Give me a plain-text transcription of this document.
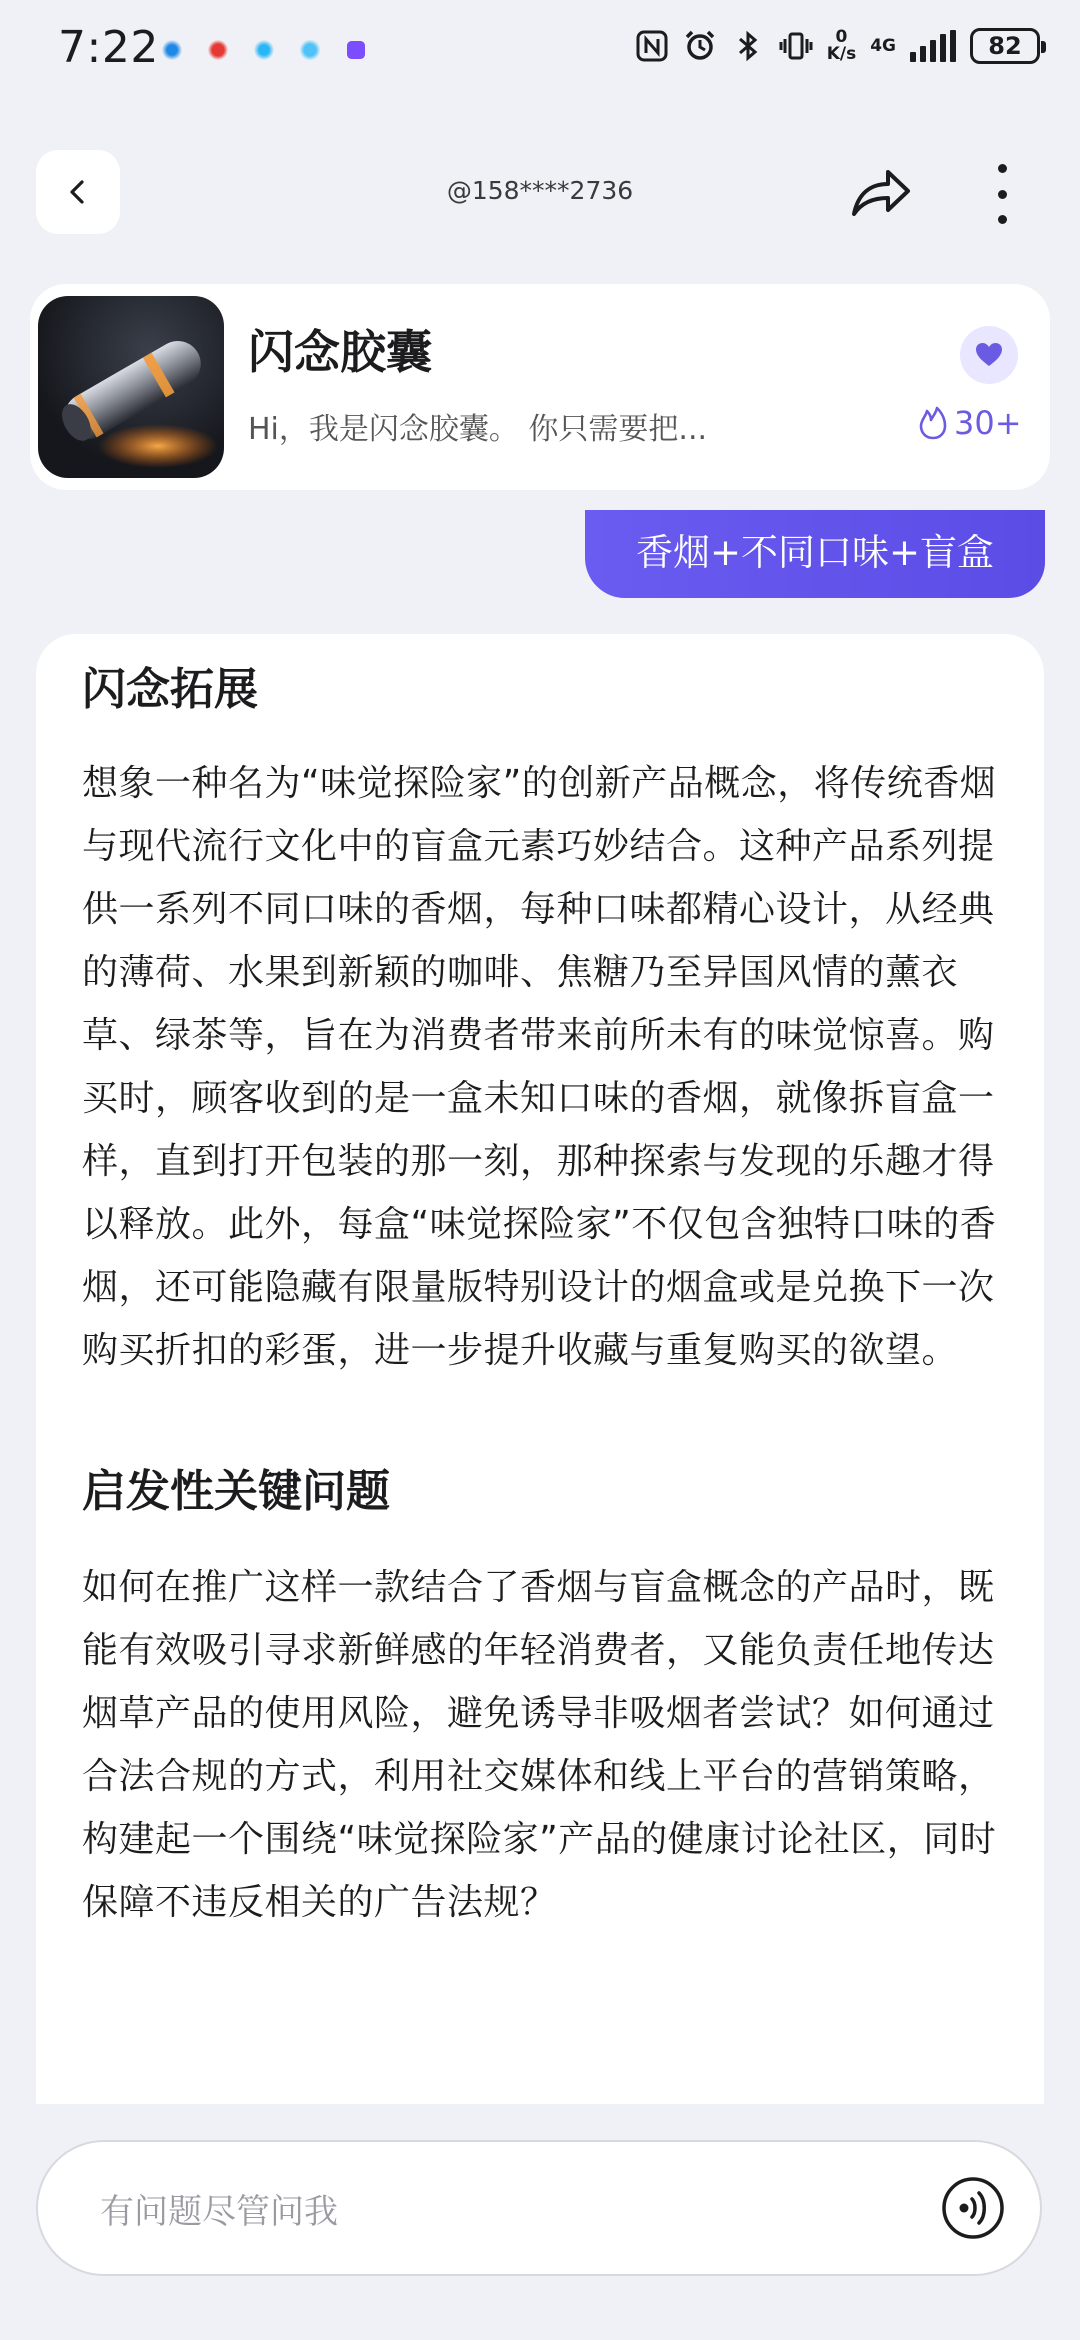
7:22	0
K/s 4G	82
@158****2736
闪念胶囊
Hi，我是闪念胶囊。 你只需要把...	30+
香烟+不同口味+盲盒

闪念拓展

想象一种名为“味觉探险家”的创新产品概念，将传统香烟与现代流行文化中的盲盒元素巧妙结合。这种产品系列提供一系列不同口味的香烟，每种口味都精心设计，从经典的薄荷、水果到新颖的咖啡、焦糖乃至异国风情的薰衣草、绿茶等，旨在为消费者带来前所未有的味觉惊喜。购买时，顾客收到的是一盒未知口味的香烟，就像拆盲盒一样，直到打开包装的那一刻，那种探索与发现的乐趣才得以释放。此外，每盒“味觉探险家”不仅包含独特口味的香烟，还可能隐藏有限量版特别设计的烟盒或是兑换下一次购买折扣的彩蛋，进一步提升收藏与重复购买的欲望。

启发性关键问题

如何在推广这样一款结合了香烟与盲盒概念的产品时，既能有效吸引寻求新鲜感的年轻消费者，又能负责任地传达烟草产品的使用风险，避免诱导非吸烟者尝试？如何通过合法合规的方式，利用社交媒体和线上平台的营销策略，构建起一个围绕“味觉探险家”产品的健康讨论社区，同时保障不违反相关的广告法规？

有问题尽管问我
